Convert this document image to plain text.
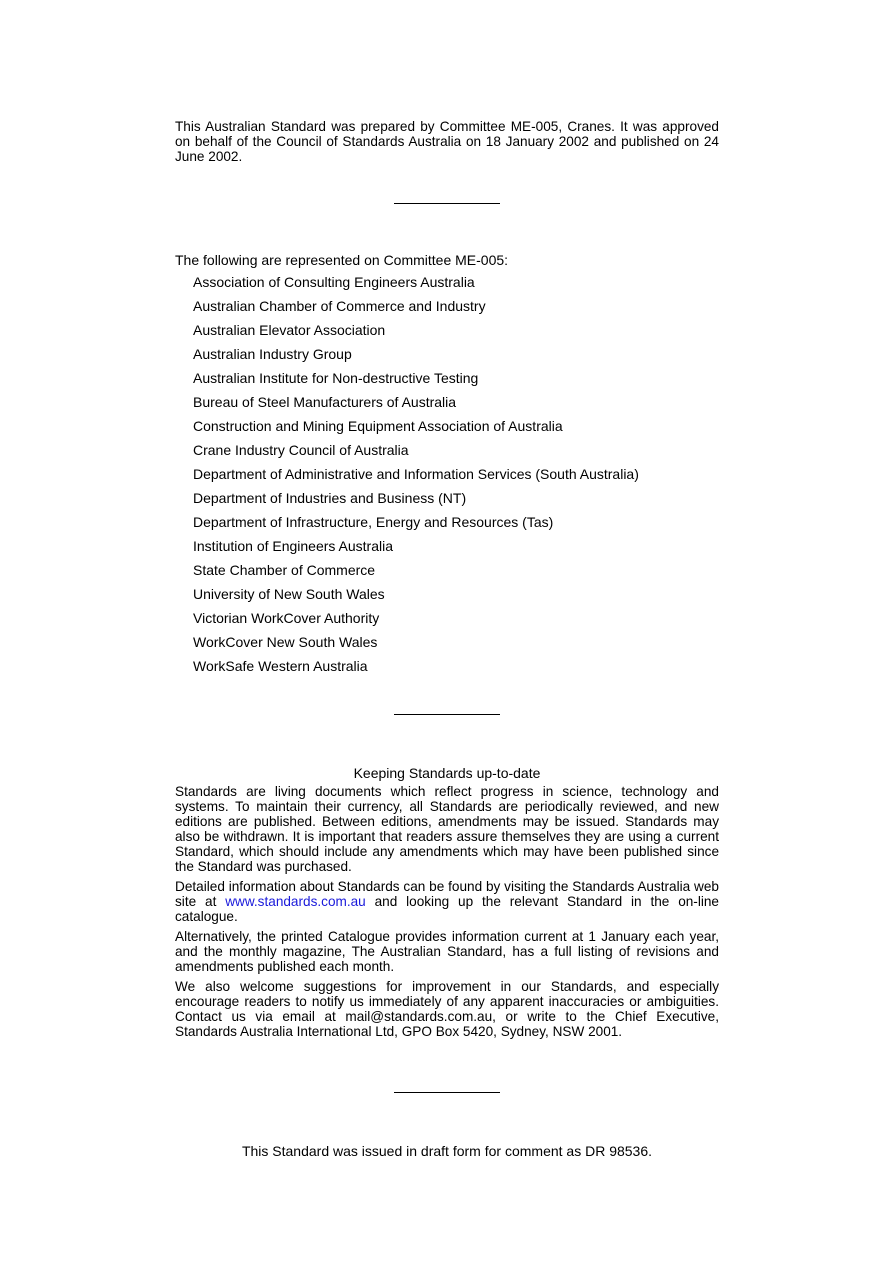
This Australian Standard was prepared by Committee ME-005, Cranes. It was approved on behalf of the Council of Standards Australia on 18 January 2002 and published on 24 June 2002.

The following are represented on Committee ME-005:

Association of Consulting Engineers Australia
Australian Chamber of Commerce and Industry
Australian Elevator Association
Australian Industry Group
Australian Institute for Non-destructive Testing
Bureau of Steel Manufacturers of Australia
Construction and Mining Equipment Association of Australia
Crane Industry Council of Australia
Department of Administrative and Information Services (South Australia)
Department of Industries and Business (NT)
Department of Infrastructure, Energy and Resources (Tas)
Institution of Engineers Australia
State Chamber of Commerce
University of New South Wales
Victorian WorkCover Authority
WorkCover New South Wales
WorkSafe Western Australia

Keeping Standards up-to-date

Standards are living documents which reflect progress in science, technology and systems. To maintain their currency, all Standards are periodically reviewed, and new editions are published. Between editions, amendments may be issued. Standards may also be withdrawn. It is important that readers assure themselves they are using a current Standard, which should include any amendments which may have been published since the Standard was purchased.

Detailed information about Standards can be found by visiting the Standards Australia web site at www.standards.com.au and looking up the relevant Standard in the on-line catalogue.

Alternatively, the printed Catalogue provides information current at 1 January each year, and the monthly magazine, The Australian Standard, has a full listing of revisions and amendments published each month.

We also welcome suggestions for improvement in our Standards, and especially encourage readers to notify us immediately of any apparent inaccuracies or ambiguities. Contact us via email at mail@standards.com.au, or write to the Chief Executive, Standards Australia International Ltd, GPO Box 5420, Sydney, NSW 2001.

This Standard was issued in draft form for comment as DR 98536.
